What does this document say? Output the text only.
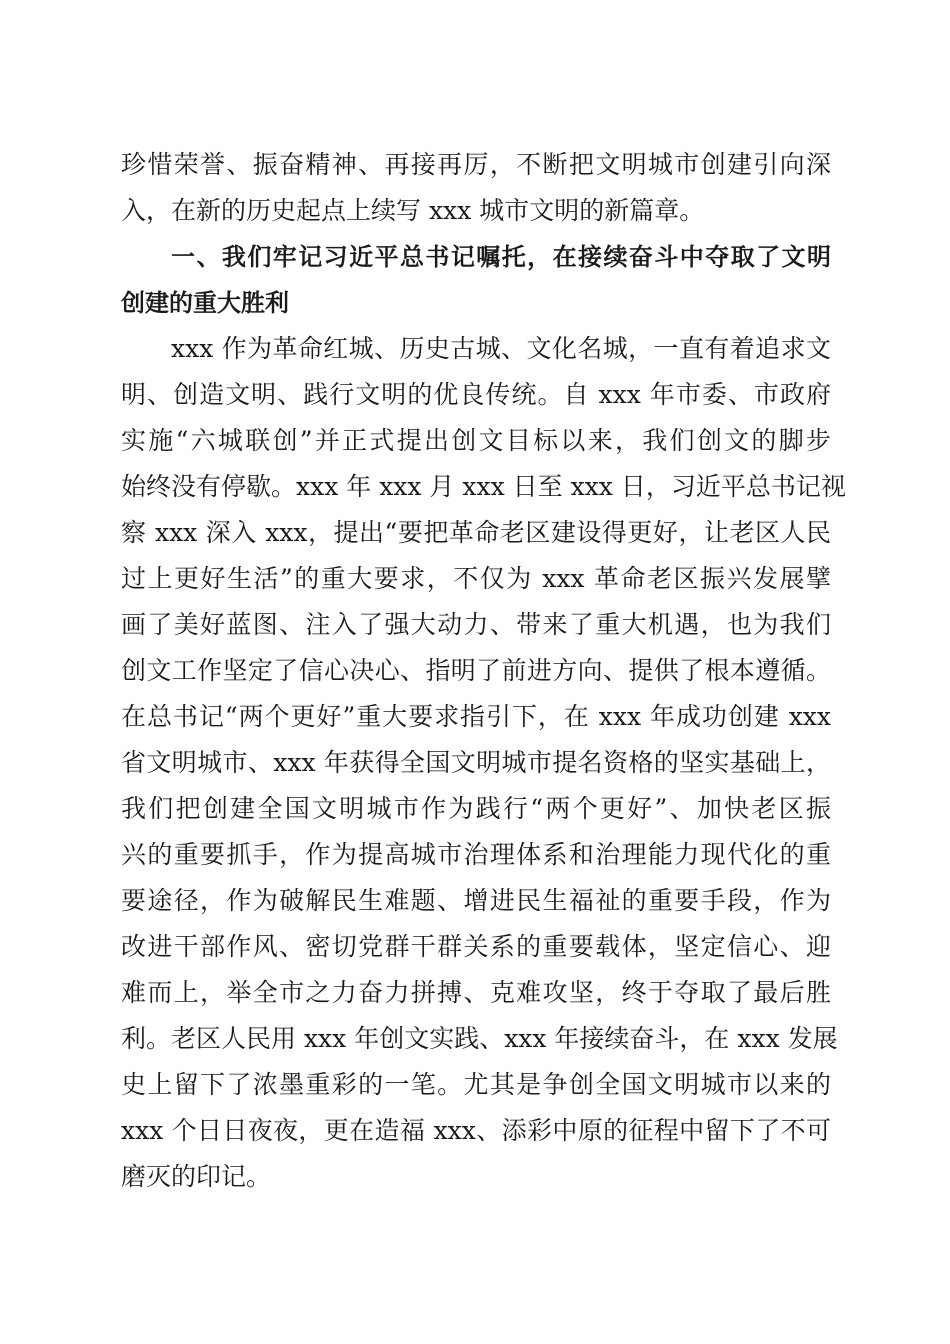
珍惜荣誉、振奋精神、再接再厉，不断把文明城市创建引向深
入，在新的历史起点上续写 xxx 城市文明的新篇章。
一、我们牢记习近平总书记嘱托，在接续奋斗中夺取了文明
创建的重大胜利
xxx 作为革命红城、历史古城、文化名城，一直有着追求文
明、创造文明、践行文明的优良传统。自 xxx 年市委、市政府
实施“六城联创”并正式提出创文目标以来，我们创文的脚步
始终没有停歇。xxx 年 xxx 月 xxx 日至 xxx 日，习近平总书记视
察 xxx 深入 xxx，提出“要把革命老区建设得更好，让老区人民
过上更好生活”的重大要求，不仅为 xxx 革命老区振兴发展擘
画了美好蓝图、注入了强大动力、带来了重大机遇，也为我们
创文工作坚定了信心决心、指明了前进方向、提供了根本遵循。
在总书记“两个更好”重大要求指引下，在 xxx 年成功创建 xxx
省文明城市、xxx 年获得全国文明城市提名资格的坚实基础上，
我们把创建全国文明城市作为践行“两个更好”、加快老区振
兴的重要抓手，作为提高城市治理体系和治理能力现代化的重
要途径，作为破解民生难题、增进民生福祉的重要手段，作为
改进干部作风、密切党群干群关系的重要载体，坚定信心、迎
难而上，举全市之力奋力拼搏、克难攻坚，终于夺取了最后胜
利。老区人民用 xxx 年创文实践、xxx 年接续奋斗，在 xxx 发展
史上留下了浓墨重彩的一笔。尤其是争创全国文明城市以来的
xxx 个日日夜夜，更在造福 xxx、添彩中原的征程中留下了不可
磨灭的印记。
